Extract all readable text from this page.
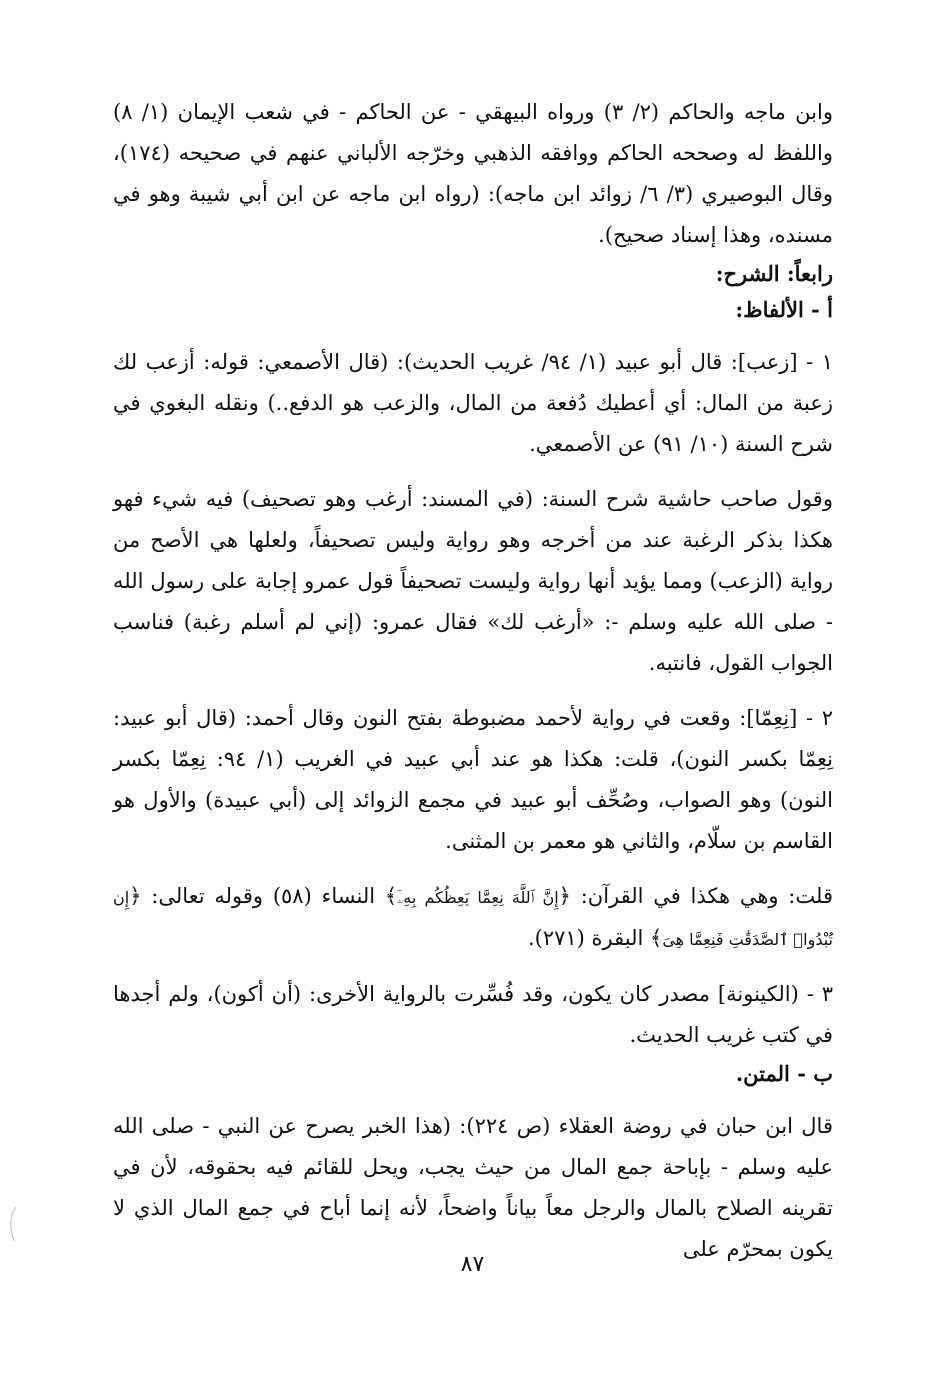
وابن ماجه والحاكم (٢/ ٣) ورواه البيهقي - عن الحاكم - في شعب الإيمان (١/ ٨) واللفظ له وصححه الحاكم ووافقه الذهبي وخرّجه الألباني عنهم في صحيحه (١٧٤)، وقال البوصيري (٣/ ٦/ زوائد ابن ماجه): (رواه ابن ماجه عن ابن أبي شيبة وهو في مسنده، وهذا إسناد صحيح).

رابعاً: الشرح:

أ - الألفاظ:

١ - [زعب]: قال أبو عبيد (١/ ٩٤/ غريب الحديث): (قال الأصمعي: قوله: أزعب لك زعبة من المال: أي أعطيك دُفعة من المال، والزعب هو الدفع..) ونقله البغوي في شرح السنة (١٠/ ٩١) عن الأصمعي.

وقول صاحب حاشية شرح السنة: (في المسند: أرغب وهو تصحيف) فيه شيء فهو هكذا بذكر الرغبة عند من أخرجه وهو رواية وليس تصحيفاً، ولعلها هي الأصح من رواية (الزعب) ومما يؤيد أنها رواية وليست تصحيفاً قول عمرو إجابة على رسول الله - صلى الله عليه وسلم -: «أرغب لك» فقال عمرو: (إني لم أسلم رغبة) فناسب الجواب القول، فانتبه.

٢ - [نِعِمّا]: وقعت في رواية لأحمد مضبوطة بفتح النون وقال أحمد: (قال أبو عبيد: نِعِمّا بكسر النون)، قلت: هكذا هو عند أبي عبيد في الغريب (١/ ٩٤: نِعِمّا بكسر النون) وهو الصواب، وصُحِّف أبو عبيد في مجمع الزوائد إلى (أبي عبيدة) والأول هو القاسم بن سلّام، والثاني هو معمر بن المثنى.

قلت: وهي هكذا في القرآن: ﴿إِنَّ ٱللَّهَ نِعِمَّا يَعِظُكُم بِهِۦٓ﴾ النساء (٥٨) وقوله تعالى: ﴿إِن تُبْدُوا۟ ٱلصَّدَقَٰتِ فَنِعِمَّا هِىَ﴾ البقرة (٢٧١).

٣ - (الكينونة] مصدر كان يكون، وقد فُسِّرت بالرواية الأخرى: (أن أكون)، ولم أجدها في كتب غريب الحديث.

ب - المتن.

قال ابن حبان في روضة العقلاء (ص ٢٢٤): (هذا الخبر يصرح عن النبي - صلى الله عليه وسلم - بإباحة جمع المال من حيث يجب، ويحل للقائم فيه بحقوقه، لأن في تقرينه الصلاح بالمال والرجل معاً بياناً واضحاً، لأنه إنما أباح في جمع المال الذي لا يكون بمحرّم على

٨٧
